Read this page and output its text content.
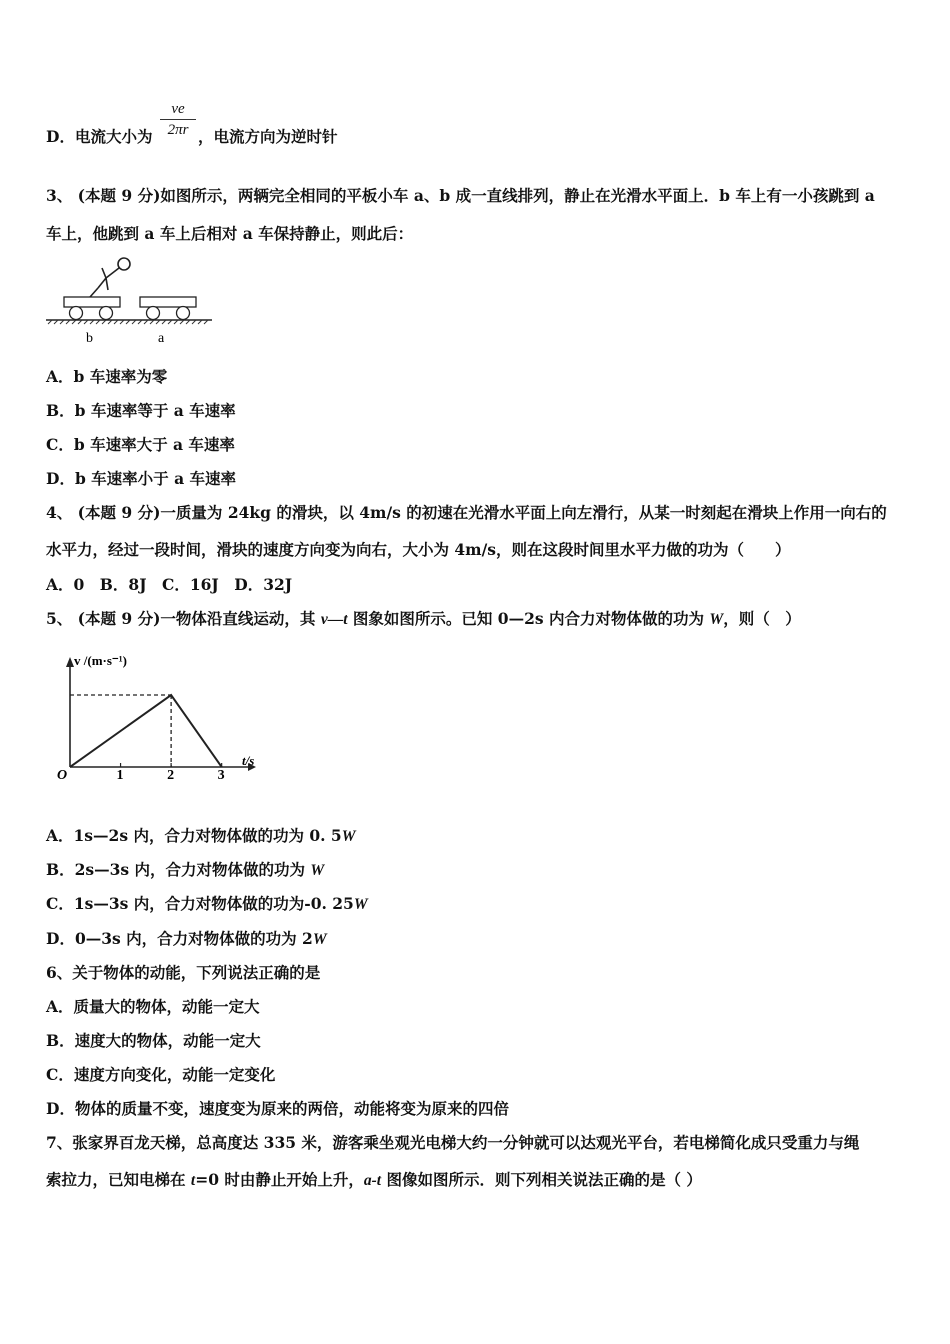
D．电流大小为
ve
2πr ，电流方向为逆时针
3、 (本题 9 分)如图所示，两辆完全相同的平板小车 a、b 成一直线排列，静止在光滑水平面上．b 车上有一小孩跳到 a
车上，他跳到 a 车上后相对 a 车保持静止，则此后：
b	a
A．b 车速率为零
B．b 车速率等于 a 车速率
C．b 车速率大于 a 车速率
D．b 车速率小于 a 车速率
4、 (本题 9 分)一质量为 24kg 的滑块，以 4m/s 的初速在光滑水平面上向左滑行，从某一时刻起在滑块上作用一向右的
水平力，经过一段时间，滑块的速度方向变为向右，大小为 4m/s，则在这段时间里水平力做的功为（　　）
A．0　B．8J　C．16J　D．32J
5、 (本题 9 分)一物体沿直线运动，其 v—t 图象如图所示。已知 0—2s 内合力对物体做的功为 W，则（　）
v /(m·s⁻¹)
t/s
O	1	2	3
A．1s—2s 内，合力对物体做的功为 0. 5W
B．2s—3s 内，合力对物体做的功为 W
C．1s—3s 内，合力对物体做的功为-0. 25W
D．0—3s 内，合力对物体做的功为 2W
6、关于物体的动能，下列说法正确的是
A．质量大的物体，动能一定大
B．速度大的物体，动能一定大
C．速度方向变化，动能一定变化
D．物体的质量不变，速度变为原来的两倍，动能将变为原来的四倍
7、张家界百龙天梯，总高度达 335 米，游客乘坐观光电梯大约一分钟就可以达观光平台，若电梯简化成只受重力与绳
索拉力，已知电梯在 t=0 时由静止开始上升，a-t 图像如图所示．则下列相关说法正确的是（ ）
